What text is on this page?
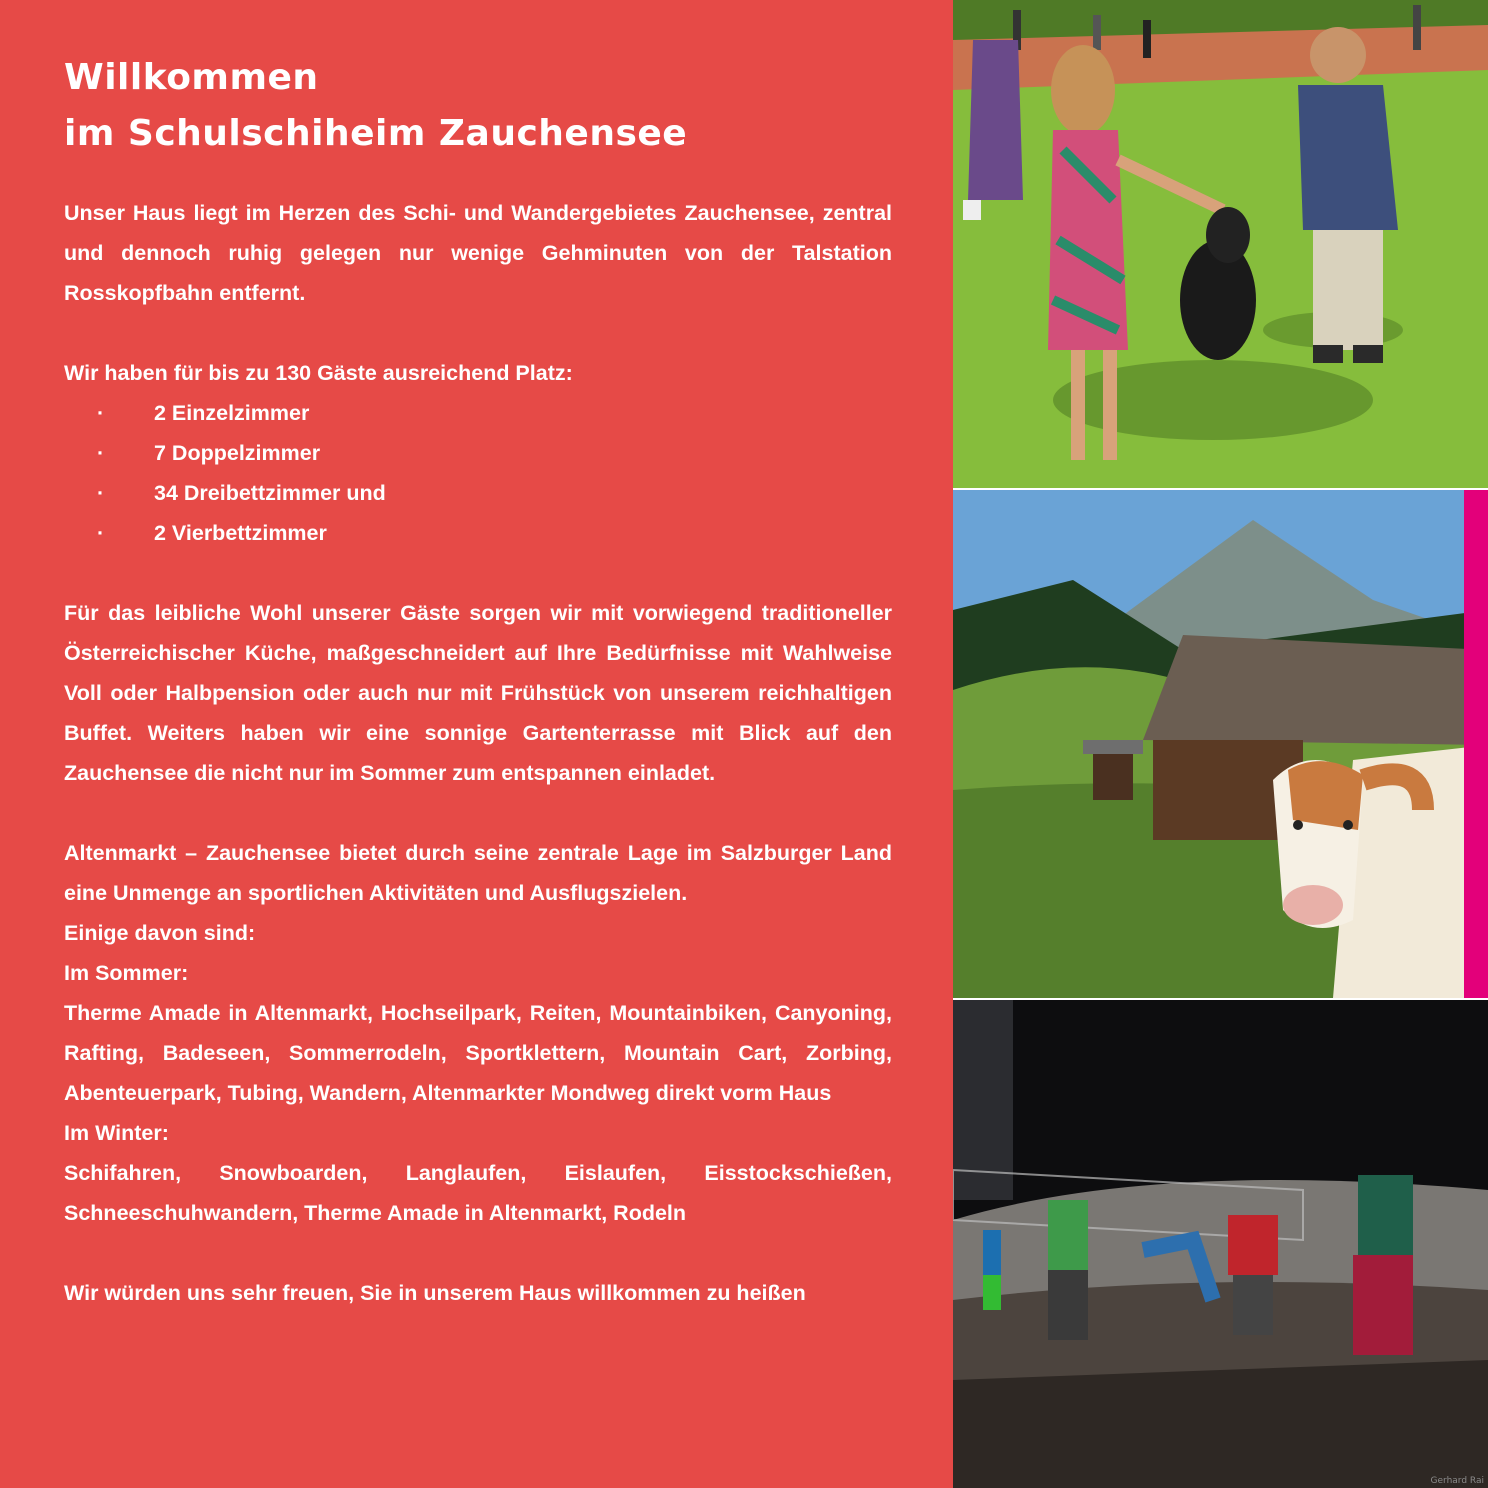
Willkommen
im Schulschiheim Zauchensee

Unser Haus liegt im Herzen des Schi- und Wandergebietes Zauchensee, zentral und dennoch ruhig gelegen nur wenige Gehminuten von der Talstation Rosskopfbahn entfernt.

Wir haben für bis zu 130 Gäste ausreichend Platz:

· 2 Einzelzimmer
· 7 Doppelzimmer
· 34 Dreibettzimmer und
· 2 Vierbettzimmer

Für das leibliche Wohl unserer Gäste sorgen wir mit vorwiegend traditioneller Österreichischer Küche, maßgeschneidert auf Ihre Bedürfnisse mit Wahlweise Voll oder Halbpension oder auch nur mit Frühstück von unserem reichhaltigen Buffet. Weiters haben wir eine sonnige Gartenterrasse mit Blick auf den Zauchensee die nicht nur im Sommer zum entspannen einladet.

Altenmarkt – Zauchensee bietet durch seine zentrale Lage im Salzburger Land eine Unmenge an sportlichen Aktivitäten und Ausflugszielen.

Einige davon sind:

Im Sommer:

Therme Amade in Altenmarkt, Hochseilpark, Reiten, Mountainbiken, Canyoning, Rafting, Badeseen, Sommerrodeln, Sportklettern, Mountain Cart, Zorbing, Abenteuerpark, Tubing, Wandern, Altenmarkter Mondweg direkt vorm Haus

Im Winter:

Schifahren, Snowboarden, Langlaufen, Eislaufen, Eisstockschießen, Schneeschuhwandern, Therme Amade in Altenmarkt, Rodeln

Wir würden uns sehr freuen, Sie in unserem Haus willkommen zu heißen

Gerhard Rai
